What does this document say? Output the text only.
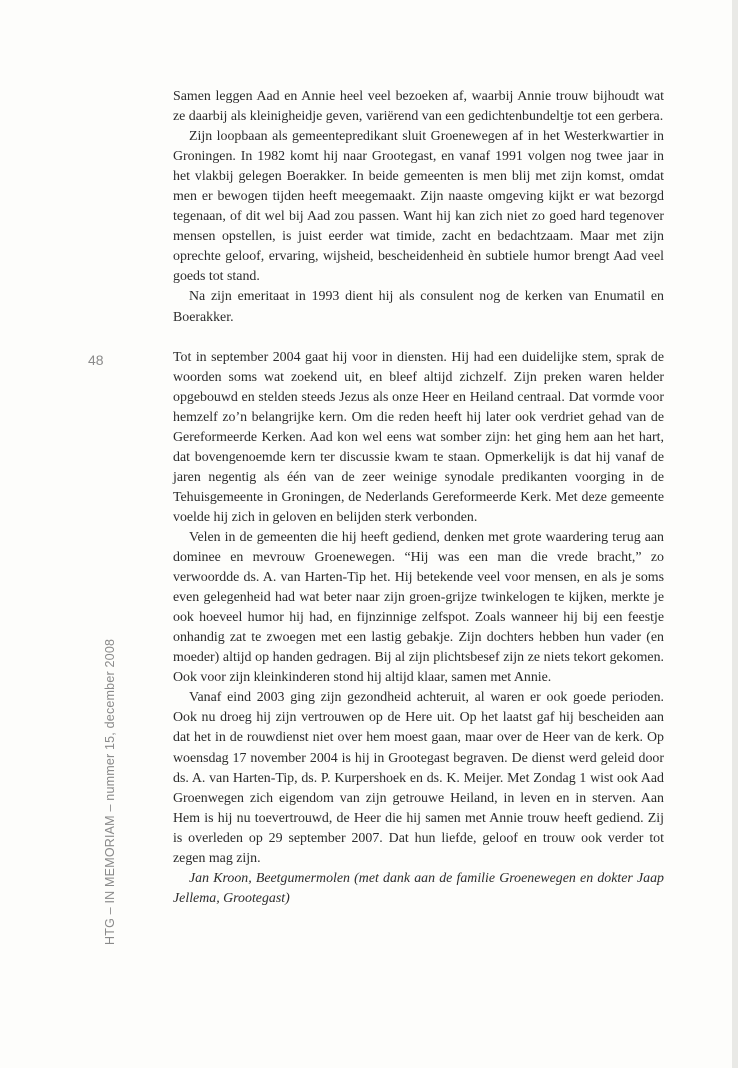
48
HTG – IN MEMORIAM – nummer 15, december 2008

Samen leggen Aad en Annie heel veel bezoeken af, waarbij Annie trouw bijhoudt wat ze daarbij als kleinigheidje geven, variërend van een gedichtenbundeltje tot een gerbera.

Zijn loopbaan als gemeentepredikant sluit Groenewegen af in het Westerkwartier in Groningen. In 1982 komt hij naar Grootegast, en vanaf 1991 volgen nog twee jaar in het vlakbij gelegen Boerakker. In beide gemeenten is men blij met zijn komst, omdat men er bewogen tijden heeft meegemaakt. Zijn naaste omgeving kijkt er wat bezorgd tegenaan, of dit wel bij Aad zou passen. Want hij kan zich niet zo goed hard tegenover mensen opstellen, is juist eerder wat timide, zacht en bedachtzaam. Maar met zijn oprechte geloof, ervaring, wijsheid, bescheidenheid èn subtiele humor brengt Aad veel goeds tot stand.

Na zijn emeritaat in 1993 dient hij als consulent nog de kerken van Enumatil en Boerakker.

Tot in september 2004 gaat hij voor in diensten. Hij had een duidelijke stem, sprak de woorden soms wat zoekend uit, en bleef altijd zichzelf. Zijn preken waren helder opgebouwd en stelden steeds Jezus als onze Heer en Heiland centraal. Dat vormde voor hemzelf zo’n belangrijke kern. Om die reden heeft hij later ook verdriet gehad van de Gereformeerde Kerken. Aad kon wel eens wat somber zijn: het ging hem aan het hart, dat bovengenoemde kern ter discussie kwam te staan. Opmerkelijk is dat hij vanaf de jaren negentig als één van de zeer weinige synodale predikanten voorging in de Tehuisgemeente in Groningen, de Nederlands Gereformeerde Kerk. Met deze gemeente voelde hij zich in geloven en belijden sterk verbonden.

Velen in de gemeenten die hij heeft gediend, denken met grote waardering terug aan dominee en mevrouw Groenewegen. “Hij was een man die vrede bracht,” zo verwoordde ds. A. van Harten-Tip het. Hij betekende veel voor mensen, en als je soms even gelegenheid had wat beter naar zijn groen-grijze twinkelogen te kijken, merkte je ook hoeveel humor hij had, en fijnzinnige zelfspot. Zoals wanneer hij bij een feestje onhandig zat te zwoegen met een lastig gebakje. Zijn dochters hebben hun vader (en moeder) altijd op handen gedragen. Bij al zijn plichtsbesef zijn ze niets tekort gekomen. Ook voor zijn kleinkinderen stond hij altijd klaar, samen met Annie.

Vanaf eind 2003 ging zijn gezondheid achteruit, al waren er ook goede perioden. Ook nu droeg hij zijn vertrouwen op de Here uit. Op het laatst gaf hij bescheiden aan dat het in de rouwdienst niet over hem moest gaan, maar over de Heer van de kerk. Op woensdag 17 november 2004 is hij in Grootegast begraven. De dienst werd geleid door ds. A. van Harten-Tip, ds. P. Kurpershoek en ds. K. Meijer. Met Zondag 1 wist ook Aad Groenwegen zich eigendom van zijn getrouwe Heiland, in leven en in sterven. Aan Hem is hij nu toevertrouwd, de Heer die hij samen met Annie trouw heeft gediend. Zij is overleden op 29 september 2007. Dat hun liefde, geloof en trouw ook verder tot zegen mag zijn.

Jan Kroon, Beetgumermolen (met dank aan de familie Groenewegen en dokter Jaap Jellema, Grootegast)
